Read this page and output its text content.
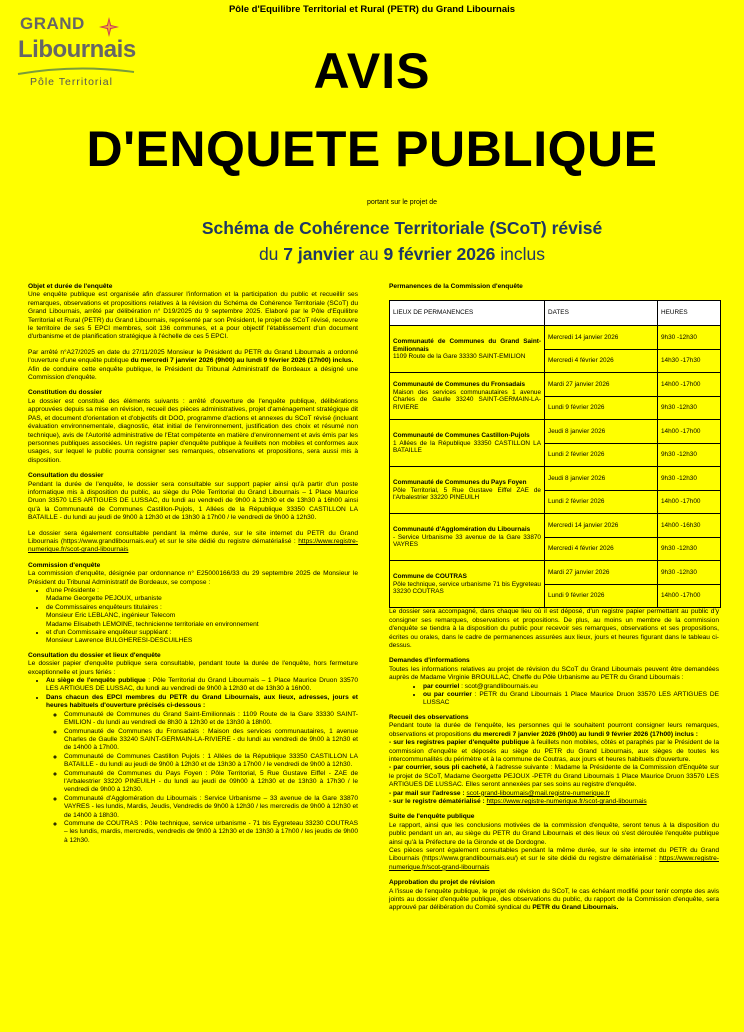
Pôle d'Equilibre Territorial et Rural (PETR) du Grand Libournais
GRAND
Libournais
Pôle Territorial	AVIS
D'ENQUETE PUBLIQUE
portant sur le projet de
Schéma de Cohérence Territoriale (SCoT) révisé
du 7 janvier au 9 février 2026 inclus
Objet et durée de l'enquête

Une enquête publique est organisée afin d'assurer l'information et la participation du public et recueillir ses remarques, observations et propositions relatives à la révision du Schéma de Cohérence Territoriale (SCoT) du Grand Libournais, arrêté par délibération n° D19/2025 du 9 septembre 2025. Elaboré par le Pôle d'Equilibre Territorial et Rural (PETR) du Grand Libournais, représenté par son Président, le projet de SCoT révisé, recouvre le territoire de ses 5 EPCI membres, soit 136 communes, et a pour objectif l'établissement d'un document d'urbanisme et de planification stratégique à l'échelle de ces 5 EPCI.

Par arrêté n°A27/2025 en date du 27/11/2025 Monsieur le Président du PETR du Grand Libournais a ordonné l'ouverture d'une enquête publique du mercredi 7 janvier 2026 (9h00) au lundi 9 février 2026 (17h00) inclus.
Afin de conduire cette enquête publique, le Président du Tribunal Administratif de Bordeaux a désigné une Commission d'enquête.

Constitution du dossier

Le dossier est constitué des éléments suivants : arrêté d'ouverture de l'enquête publique, délibérations approuvées depuis sa mise en révision, recueil des pièces administratives, projet d'aménagement stratégique dit PAS, et document d'orientation et d'objectifs dit DOO, programme d'actions et annexes du SCoT révisé (incluant évaluation environnementale, diagnostic, état initial de l'environnement, justification des choix et résumé non technique), avis de l'Autorité administrative de l'Etat compétente en matière d'environnement et avis émis par les personnes publiques associées. Un registre papier d'enquête publique à feuillets non mobiles et conformes aux usages, sur lequel le public pourra consigner ses remarques, observations et propositions, sera aussi mis à disposition.

Consultation du dossier

Pendant la durée de l'enquête, le dossier sera consultable sur support papier ainsi qu'à partir d'un poste informatique mis à disposition du public, au siège du Pôle Territorial du Grand Libournais – 1 Place Maurice Druon 33570 LES ARTIGUES DE LUSSAC, du lundi au vendredi de 9h00 à 12h30 et de 13h30 à 16h00 ainsi qu'à la Communauté de Communes Castillon-Pujols, 1 Allées de la République 33350 CASTILLON LA BATAILLE - du lundi au jeudi de 9h00 à 12h30 et de 13h30 à 17h00 / le vendredi de 9h00 à 12h30.

Le dossier sera également consultable pendant la même durée, sur le site internet du PETR du Grand Libournais (https://www.grandlibournais.eu/) et sur le site dédié du registre dématérialisé : https://www.registre-numerique.fr/scot-grand-libournais

Commission d'enquête

La commission d'enquête, désignée par ordonnance n° E25000166/33 du 29 septembre 2025 de Monsieur le Président du Tribunal Administratif de Bordeaux, se compose :

• d'une Présidente :
Madame Georgette PEJOUX, urbaniste
• de Commissaires enquêteurs titulaires :
Monsieur Eric LEBLANC, ingénieur Telecom
Madame Elisabeth LEMOINE, technicienne territoriale en environnement
• et d'un Commissaire enquêteur suppléant :
Monsieur Lawrence BULGHERESI-DESCUILHES
Consultation du dossier et lieux d'enquête

Le dossier papier d'enquête publique sera consultable, pendant toute la durée de l'enquête, hors fermeture exceptionnelle et jours fériés :

• Au siège de l'enquête publique : Pôle Territorial du Grand Libournais – 1 Place Maurice Druon 33570 LES ARTIGUES DE LUSSAC, du lundi au vendredi de 9h00 à 12h30 et de 13h30 à 16h00.
• Dans chacun des EPCI membres du PETR du Grand Libournais, aux lieux, adresses, jours et heures habituels d'ouverture précisés ci-dessous :
◦ Communauté de Communes du Grand Saint-Emilionnais : 1109 Route de la Gare 33330 SAINT-EMILION - du lundi au vendredi de 8h30 à 12h30 et de 13h30 à 18h00.
◦ Communauté de Communes du Fronsadais : Maison des services communautaires, 1 avenue Charles de Gaulle 33240 SAINT-GERMAIN-LA-RIVIERE - du lundi au vendredi de 9h00 à 12h30 et de 14h00 à 17h00.
◦ Communauté de Communes Castillon Pujols : 1 Allées de la République 33350 CASTILLON LA BATAILLE - du lundi au jeudi de 9h00 à 12h30 et de 13h30 à 17h00 / le vendredi de 9h00 à 12h30.
◦ Communauté de Communes du Pays Foyen : Pôle Territorial, 5 Rue Gustave Eiffel - ZAE de l'Arbalestrier 33220 PINEUILH - du lundi au jeudi de 09h00 à 12h30 et de 13h30 à 17h30 / le vendredi de 9h00 à 12h30.
◦ Communauté d'Agglomération du Libournais : Service Urbanisme – 33 avenue de la Gare 33870 VAYRES - les lundis, Mardis, Jeudis, Vendredis de 9h00 à 12h30 / les mercredis de 9h00 à 12h30 et de 14h00 à 18h30.
◦ Commune de COUTRAS : Pôle technique, service urbanisme - 71 bis Eygreteau 33230 COUTRAS – les lundis, mardis, mercredis, vendredis de 9h00 à 12h30 et de 13h30 à 17h00 / les jeudis de 9h00 à 12h30.
Permanences de la Commission d'enquête
LIEUX DE PERMANENCES	DATES	HEURES
Communauté de Communes du Grand Saint-Emilionnais
1109 Route de la Gare 33330 SAINT-EMILION	Mercredi 14 janvier 2026	9h30 -12h30
	Mercredi 4 février 2026	14h30 -17h30
Communauté de Communes du Fronsadais
Maison des services communautaires 1 avenue Charles de Gaulle 33240 SAINT-GERMAIN-LA-RIVIERE	Mardi 27 janvier 2026	14h00 -17h00
	Lundi 9 février 2026	9h30 -12h30
Communauté de Communes Castillon-Pujols
1 Allées de la République 33350 CASTILLON LA BATAILLE	Jeudi 8 janvier 2026	14h00 -17h00
	Lundi 2 février 2026	9h30 -12h30
Communauté de Communes du Pays Foyen
Pôle Territorial, 5 Rue Gustave Eiffel ZAE de l'Arbalestrier 33220 PINEUILH	Jeudi 8 janvier 2026	9h30 -12h30
	Lundi 2 février 2026	14h00 -17h00
Communauté d'Agglomération du Libournais
- Service Urbanisme 33 avenue de la Gare 33870 VAYRES	Mercredi 14 janvier 2026	14h00 -16h30
	Mercredi 4 février 2026	9h30 -12h30
Commune de COUTRAS
Pôle technique, service urbanisme 71 bis Eygreteau 33230 COUTRAS	Mardi 27 janvier 2026	9h30 -12h30
	Lundi 9 février 2026	14h00 -17h00

Le dossier sera accompagné, dans chaque lieu où il est déposé, d'un registre papier permettant au public d'y consigner ses remarques, observations et propositions. De plus, au moins un membre de la commission d'enquête se tiendra à la disposition du public pour recevoir ses remarques, observations et ses propositions, écrites ou orales, dans le cadre de permanences assurées aux lieux, jours et heures figurant dans le tableau ci-dessus.

Demandes d'informations

Toutes les informations relatives au projet de révision du SCoT du Grand Libournais peuvent être demandées auprès de Madame Virginie BROUILLAC, Cheffe du Pôle Urbanisme au PETR du Grand Libournais :

• par courriel : scot@grandlibournais.eu
• ou par courrier : PETR du Grand Libournais 1 Place Maurice Druon 33570 LES ARTIGUES DE LUSSAC
Recueil des observations

Pendant toute la durée de l'enquête, les personnes qui le souhaitent pourront consigner leurs remarques, observations et propositions du mercredi 7 janvier 2026 (9h00) au lundi 9 février 2026 (17h00) inclus :

- sur les registres papier d'enquête publique à feuillets non mobiles, côtés et paraphés par le Président de la commission d'enquête et déposés au siège du PETR du Grand Libournais, aux sièges de toutes les intercommunalités du périmètre et à la commune de Coutras, aux jours et heures habituels d'ouverture.

- par courrier, sous pli cacheté, à l'adresse suivante : Madame la Présidente de la Commission d'Enquête sur le projet de SCoT, Madame Georgette PEJOUX -PETR du Grand Libournais 1 Place Maurice Druon 33570 LES ARTIGUES DE LUSSAC. Elles seront annexées par ses soins au registre d'enquête.

- par mail sur l'adresse : scot-grand-libournais@mail.registre-numerique.fr

- sur le registre dématérialisé : https://www.registre-numerique.fr/scot-grand-libournais

Suite de l'enquête publique

Le rapport, ainsi que les conclusions motivées de la commission d'enquête, seront tenus à la disposition du public pendant un an, au siège du PETR du Grand Libournais et des lieux où s'est déroulée l'enquête publique ainsi qu'à la Préfecture de la Gironde et de Dordogne.

Ces pièces seront également consultables pendant la même durée, sur le site internet du PETR du Grand Libournais (https://www.grandlibournais.eu/) et sur le site dédié du registre dématérialisé : https://www.registre-numerique.fr/scot-grand-libournais

Approbation du projet de révision

A l'issue de l'enquête publique, le projet de révision du SCoT, le cas échéant modifié pour tenir compte des avis joints au dossier d'enquête publique, des observations du public, du rapport de la Commission d'enquête, sera approuvé par délibération du Comité syndical du PETR du Grand Libournais.
